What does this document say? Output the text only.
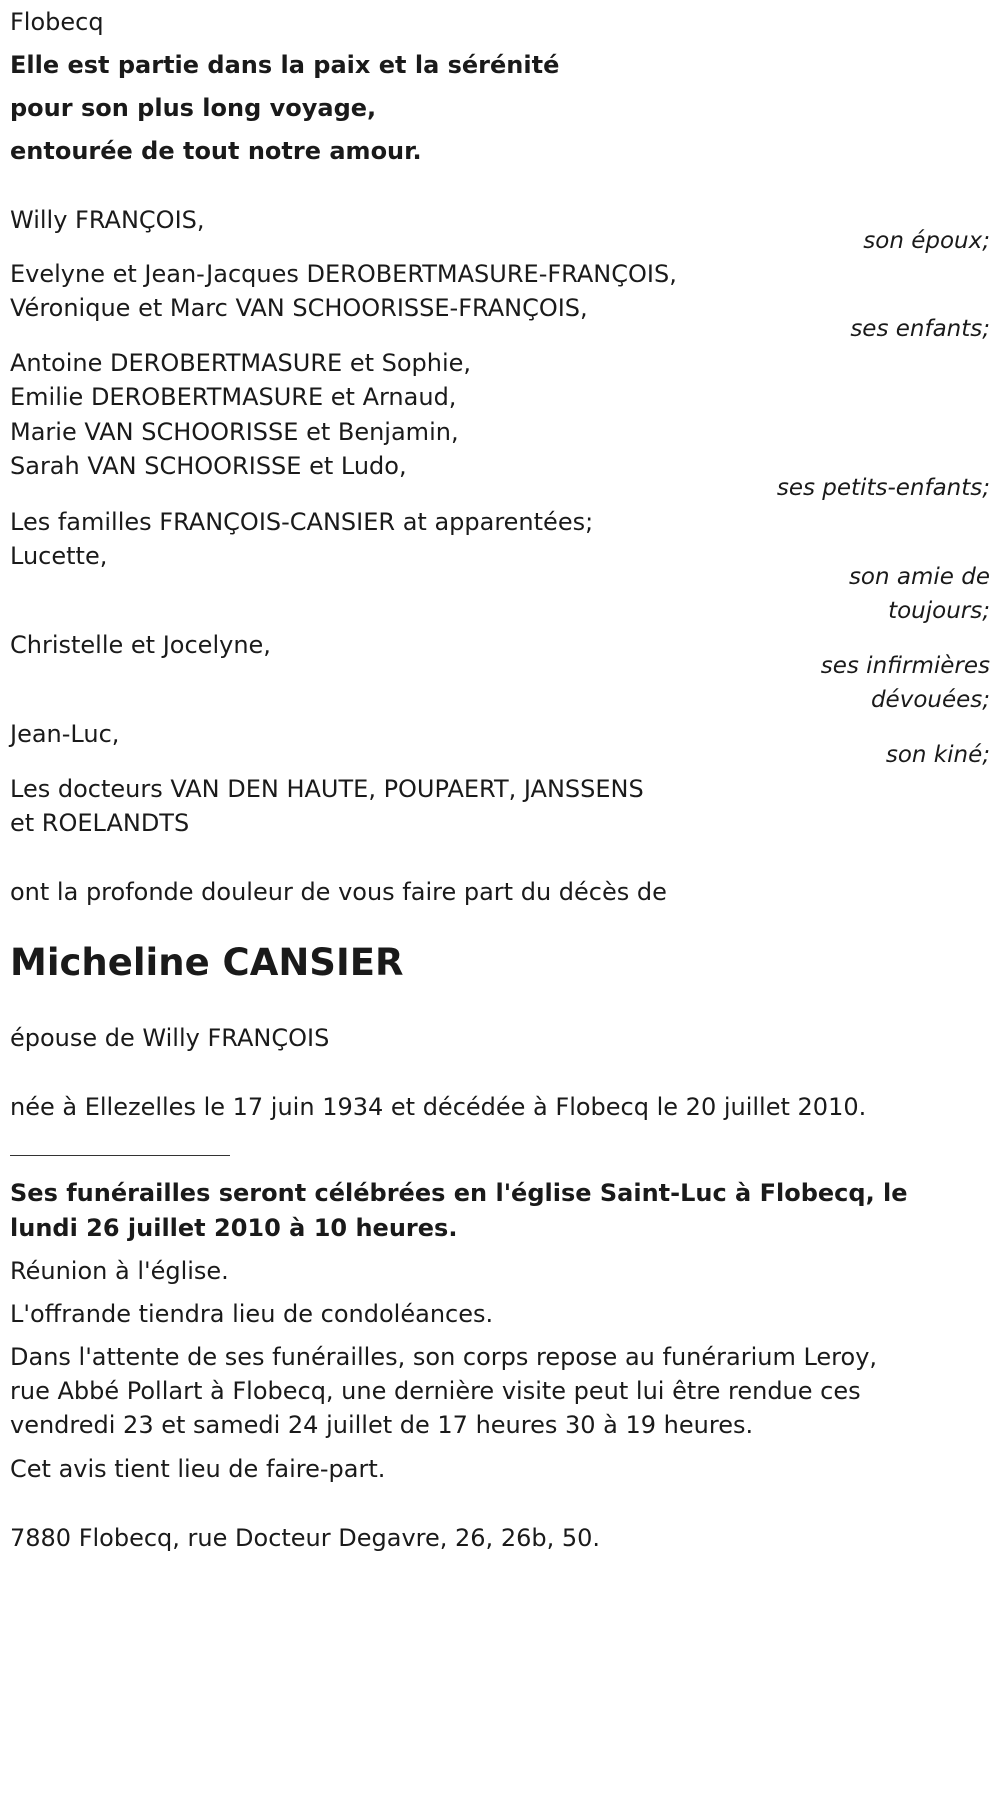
Flobecq
Elle est partie dans la paix et la sérénité
pour son plus long voyage,
entourée de tout notre amour.
Willy FRANÇOIS,
son époux;
Evelyne et Jean-Jacques DEROBERTMASURE-FRANÇOIS,
Véronique et Marc VAN SCHOORISSE-FRANÇOIS,
ses enfants;
Antoine DEROBERTMASURE et Sophie,
Emilie DEROBERTMASURE et Arnaud,
Marie VAN SCHOORISSE et Benjamin,
Sarah VAN SCHOORISSE et Ludo,
ses petits-enfants;
Les familles FRANÇOIS-CANSIER at apparentées;
Lucette,
son amie de
toujours;
Christelle et Jocelyne,
ses infirmières
dévouées;
Jean-Luc,
son kiné;
Les docteurs VAN DEN HAUTE, POUPAERT, JANSSENS
et ROELANDTS
ont la profonde douleur de vous faire part du décès de
Micheline CANSIER
épouse de Willy FRANÇOIS
née à Ellezelles le 17 juin 1934 et décédée à Flobecq le 20 juillet 2010.
Ses funérailles seront célébrées en l'église Saint-Luc à Flobecq, le
lundi 26 juillet 2010 à 10 heures.
Réunion à l'église.
L'offrande tiendra lieu de condoléances.
Dans l'attente de ses funérailles, son corps repose au funérarium Leroy,
rue Abbé Pollart à Flobecq, une dernière visite peut lui être rendue ces
vendredi 23 et samedi 24 juillet de 17 heures 30 à 19 heures.
Cet avis tient lieu de faire-part.
7880 Flobecq, rue Docteur Degavre, 26, 26b, 50.
